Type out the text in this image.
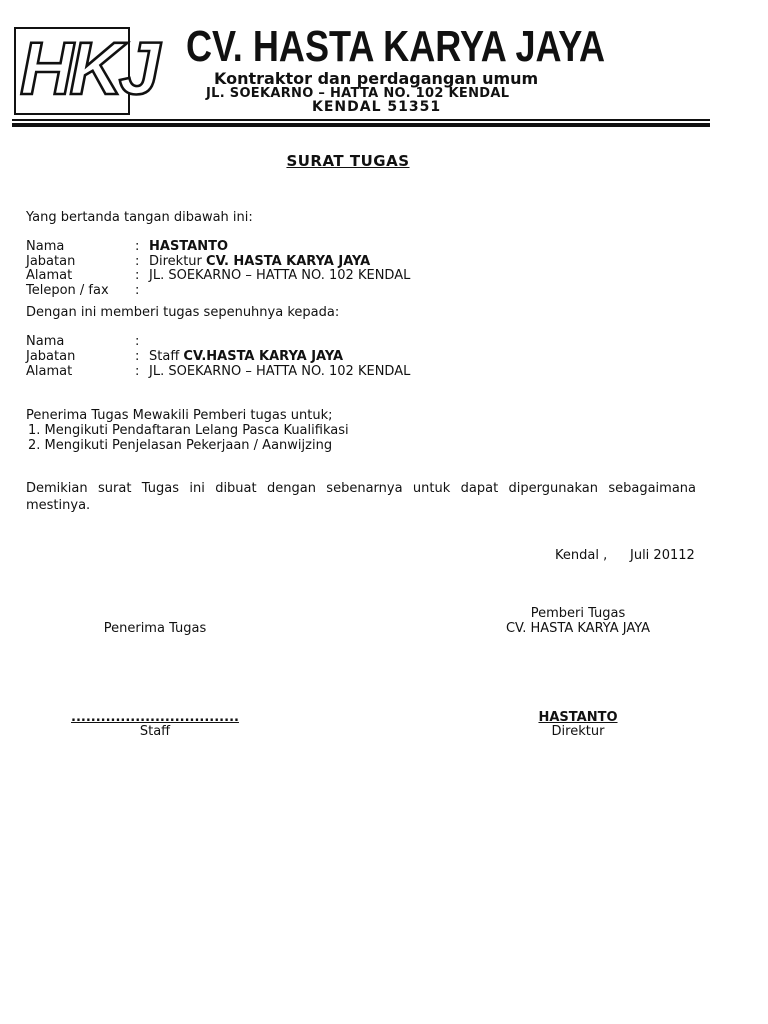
HKJ CV. HASTA KARYA JAYA
Kontraktor dan perdagangan umum
JL. SOEKARNO – HATTA NO. 102 KENDAL
KENDAL 51351
SURAT TUGAS
Yang bertanda tangan dibawah ini:
Nama	: HASTANTO
Jabatan	: Direktur CV. HASTA KARYA JAYA
Alamat	: JL. SOEKARNO – HATTA NO. 102 KENDAL
Telepon / fax :
Dengan ini memberi tugas sepenuhnya kepada:
Nama	:
Jabatan	: Staff CV.HASTA KARYA JAYA
Alamat	: JL. SOEKARNO – HATTA NO. 102 KENDAL
Penerima Tugas Mewakili Pemberi tugas untuk;
1. Mengikuti Pendaftaran Lelang Pasca Kualifikasi
2. Mengikuti Penjelasan Pekerjaan / Aanwijzing
Demikian surat Tugas ini dibuat dengan sebenarnya untuk dapat dipergunakan sebagaimana mestinya.
Kendal , Juli 20112
Penerima Tugas
..................................
Staff
Pemberi Tugas
CV. HASTA KARYA JAYA
HASTANTO
Direktur
